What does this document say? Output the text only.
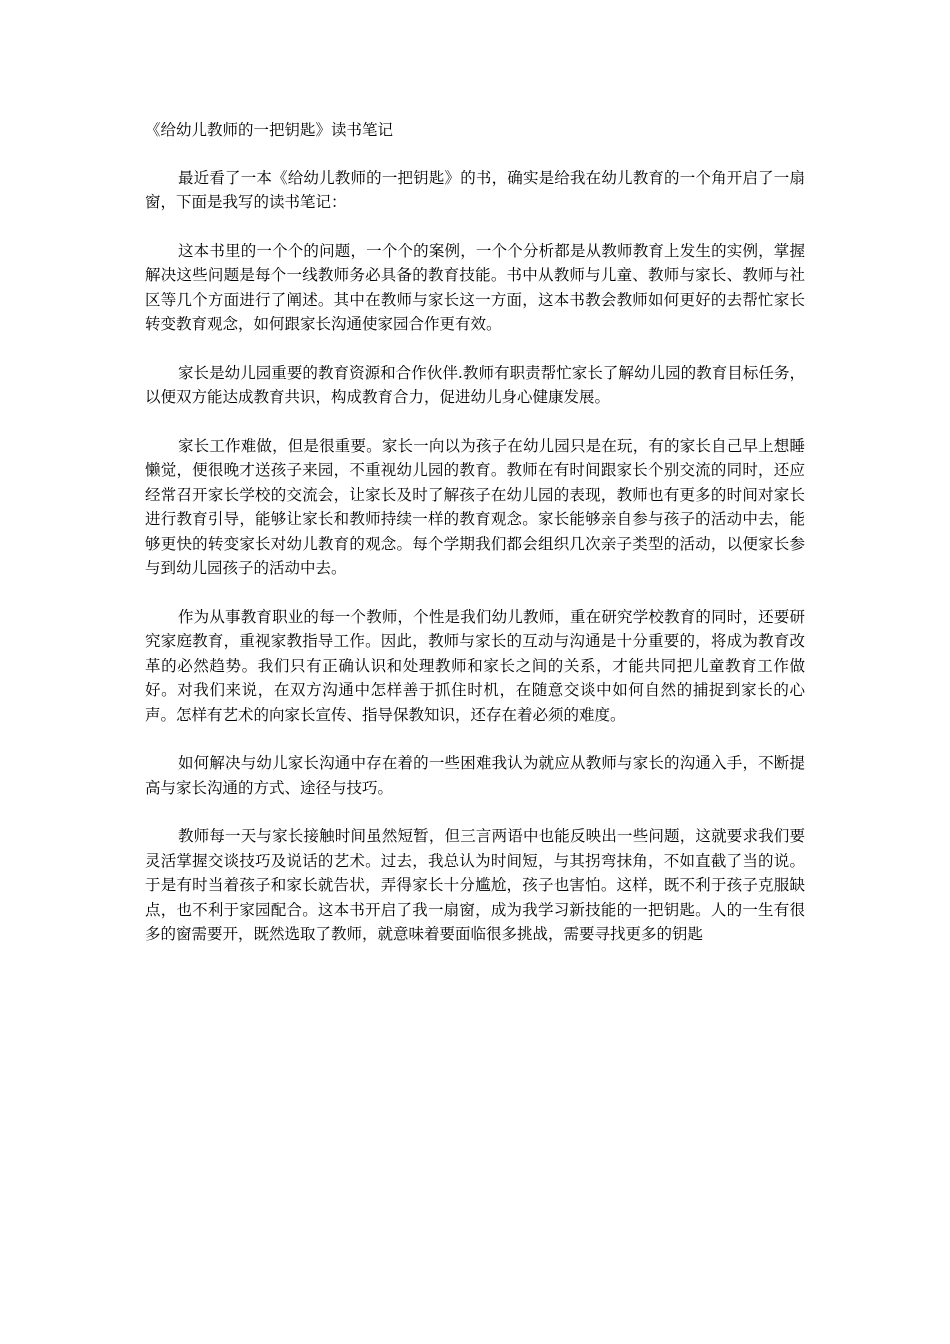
《给幼儿教师的一把钥匙》读书笔记

最近看了一本《给幼儿教师的一把钥匙》的书，确实是给我在幼儿教育的一个角开启了一扇窗，下面是我写的读书笔记：

这本书里的一个个的问题，一个个的案例，一个个分析都是从教师教育上发生的实例，掌握解决这些问题是每个一线教师务必具备的教育技能。书中从教师与儿童、教师与家长、教师与社区等几个方面进行了阐述。其中在教师与家长这一方面，这本书教会教师如何更好的去帮忙家长转变教育观念，如何跟家长沟通使家园合作更有效。

家长是幼儿园重要的教育资源和合作伙伴.教师有职责帮忙家长了解幼儿园的教育目标任务，以便双方能达成教育共识，构成教育合力，促进幼儿身心健康发展。

家长工作难做，但是很重要。家长一向以为孩子在幼儿园只是在玩，有的家长自己早上想睡懒觉，便很晚才送孩子来园，不重视幼儿园的教育。教师在有时间跟家长个别交流的同时，还应经常召开家长学校的交流会，让家长及时了解孩子在幼儿园的表现，教师也有更多的时间对家长进行教育引导，能够让家长和教师持续一样的教育观念。家长能够亲自参与孩子的活动中去，能够更快的转变家长对幼儿教育的观念。每个学期我们都会组织几次亲子类型的活动，以便家长参与到幼儿园孩子的活动中去。

作为从事教育职业的每一个教师，个性是我们幼儿教师，重在研究学校教育的同时，还要研究家庭教育，重视家教指导工作。因此，教师与家长的互动与沟通是十分重要的，将成为教育改革的必然趋势。我们只有正确认识和处理教师和家长之间的关系，才能共同把儿童教育工作做好。对我们来说，在双方沟通中怎样善于抓住时机，在随意交谈中如何自然的捕捉到家长的心声。怎样有艺术的向家长宣传、指导保教知识，还存在着必须的难度。

如何解决与幼儿家长沟通中存在着的一些困难我认为就应从教师与家长的沟通入手，不断提高与家长沟通的方式、途径与技巧。

教师每一天与家长接触时间虽然短暂，但三言两语中也能反映出一些问题，这就要求我们要灵活掌握交谈技巧及说话的艺术。过去，我总认为时间短，与其拐弯抹角，不如直截了当的说。于是有时当着孩子和家长就告状，弄得家长十分尴尬，孩子也害怕。这样，既不利于孩子克服缺点，也不利于家园配合。这本书开启了我一扇窗，成为我学习新技能的一把钥匙。人的一生有很多的窗需要开，既然选取了教师，就意味着要面临很多挑战，需要寻找更多的钥匙
